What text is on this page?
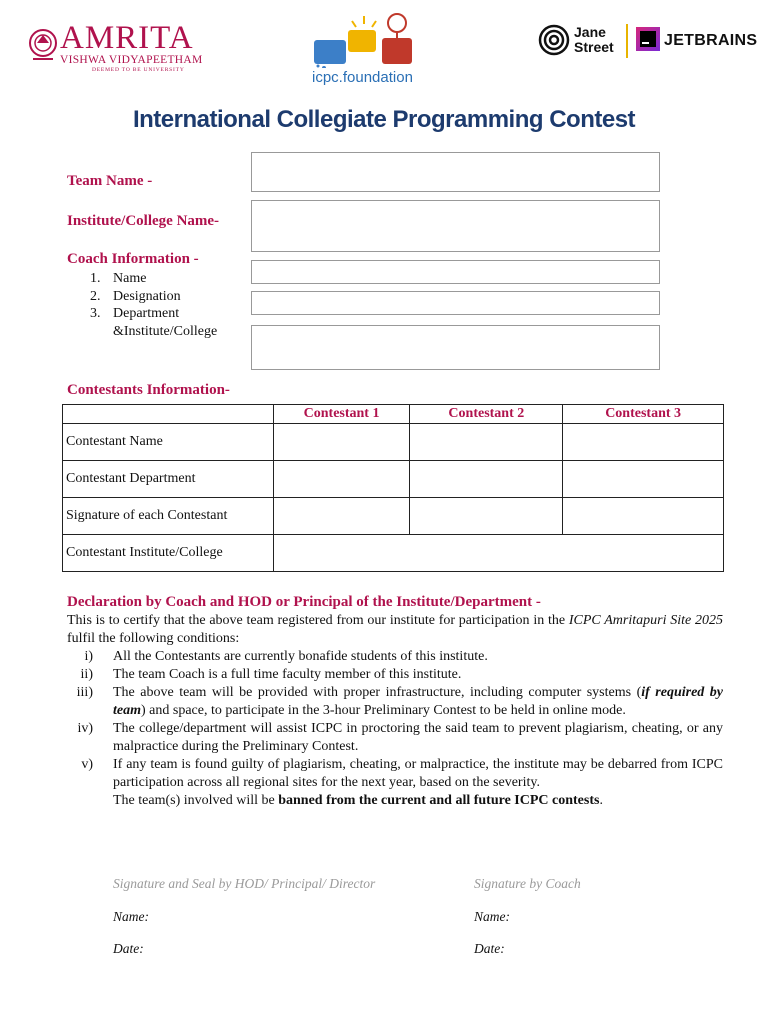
AMRITA
VISHWA VIDYAPEETHAM
DEEMED TO BE UNIVERSITY	icpc.foundation
Jane
Street	JETBRAINS
International Collegiate Programming Contest
Team Name -
Institute/College Name-
Coach Information -
1. Name
2. Designation
3. Department
&Institute/College
Contestants Information-
	Contestant 1	Contestant 2	Contestant 3
Contestant Name			
Contestant Department			
Signature of each Contestant			
Contestant Institute/College			
Declaration by Coach and HOD or Principal of the Institute/Department -
This is to certify that the above team registered from our institute for participation in the ICPC Amritapuri Site 2025 fulfil the following conditions:
i) All the Contestants are currently bonafide students of this institute.
ii) The team Coach is a full time faculty member of this institute.
iii) The above team will be provided with proper infrastructure, including computer systems (if required by team) and space, to participate in the 3-hour Preliminary Contest to be held in online mode.
iv) The college/department will assist ICPC in proctoring the said team to prevent plagiarism, cheating, or any malpractice during the Preliminary Contest.
v) If any team is found guilty of plagiarism, cheating, or malpractice, the institute may be debarred from ICPC participation across all regional sites for the next year, based on the severity.
The team(s) involved will be banned from the current and all future ICPC contests.
Signature and Seal by HOD/ Principal/ Director
Name:
Date:
Signature by Coach
Name:
Date:
